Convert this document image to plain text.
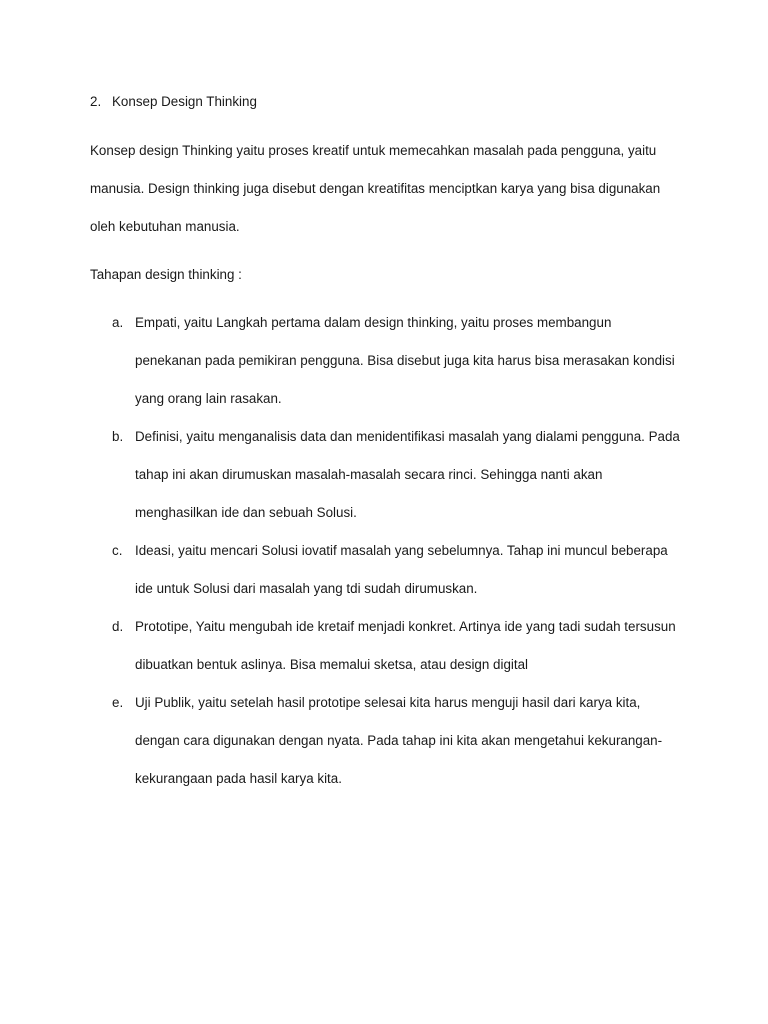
2. Konsep Design Thinking

Konsep design Thinking yaitu proses kreatif untuk memecahkan masalah pada pengguna, yaitu manusia. Design thinking juga disebut dengan kreatifitas menciptkan karya yang bisa digunakan oleh kebutuhan manusia.

Tahapan design thinking :

a. Empati, yaitu Langkah pertama dalam design thinking, yaitu proses membangun penekanan pada pemikiran pengguna. Bisa disebut juga kita harus bisa merasakan kondisi yang orang lain rasakan.
b. Definisi, yaitu menganalisis data dan menidentifikasi masalah yang dialami pengguna. Pada tahap ini akan dirumuskan masalah-masalah secara rinci. Sehingga nanti akan menghasilkan ide dan sebuah Solusi.
c. Ideasi, yaitu mencari Solusi iovatif masalah yang sebelumnya. Tahap ini muncul beberapa ide untuk Solusi dari masalah yang tdi sudah dirumuskan.
d. Prototipe, Yaitu mengubah ide kretaif menjadi konkret. Artinya ide yang tadi sudah tersusun dibuatkan bentuk aslinya. Bisa memalui sketsa, atau design digital
e. Uji Publik, yaitu setelah hasil prototipe selesai kita harus menguji hasil dari karya kita, dengan cara digunakan dengan nyata. Pada tahap ini kita akan mengetahui kekurangan-kekurangaan pada hasil karya kita.
